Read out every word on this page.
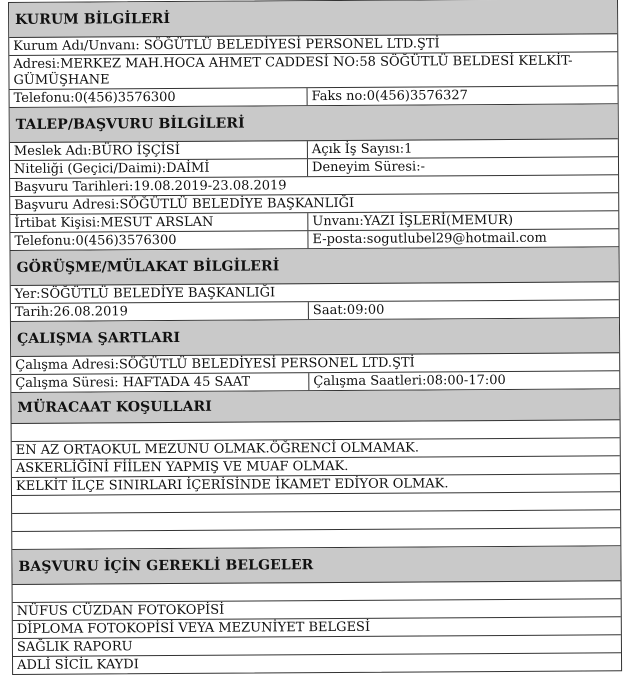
KURUM BİLGİLERİ
Kurum Adı/Unvanı: SÖĞÜTLÜ BELEDİYESİ PERSONEL LTD.ŞTİ
Adresi:MERKEZ MAH.HOCA AHMET CADDESİ NO:58 SÖĞÜTLÜ BELDESİ KELKİT-GÜMÜŞHANE
Telefonu:0(456)3576300	Faks no:0(456)3576327
TALEP/BAŞVURU BİLGİLERİ
Meslek Adı:BÜRO İŞÇİSİ	Açık İş Sayısı:1
Niteliği (Geçici/Daimi):DAİMİ	Deneyim Süresi:-
Başvuru Tarihleri:19.08.2019-23.08.2019
Başvuru Adresi:SÖĞÜTLÜ BELEDİYE BAŞKANLIĞI
İrtibat Kişisi:MESUT ARSLAN	Unvanı:YAZI İŞLERİ(MEMUR)
Telefonu:0(456)3576300	E-posta:sogutlubel29@hotmail.com
GÖRÜŞME/MÜLAKAT BİLGİLERİ
Yer:SÖĞÜTLÜ BELEDİYE BAŞKANLIĞI
Tarih:26.08.2019	Saat:09:00
ÇALIŞMA ŞARTLARI
Çalışma Adresi:SÖĞÜTLÜ BELEDİYESİ PERSONEL LTD.ŞTİ
Çalışma Süresi: HAFTADA 45 SAAT	Çalışma Saatleri:08:00-17:00
MÜRACAAT KOŞULLARI
EN AZ ORTAOKUL MEZUNU OLMAK.ÖĞRENCİ OLMAMAK.
ASKERLİĞİNİ FİİLEN YAPMIŞ VE MUAF OLMAK.
KELKİT İLÇE SINIRLARI İÇERİSİNDE İKAMET EDİYOR OLMAK.
BAŞVURU İÇİN GEREKLİ BELGELER
NÜFUS CÜZDAN FOTOKOPİSİ
DİPLOMA FOTOKOPİSİ VEYA MEZUNİYET BELGESİ
SAĞLIK RAPORU
ADLİ SİCİL KAYDI
